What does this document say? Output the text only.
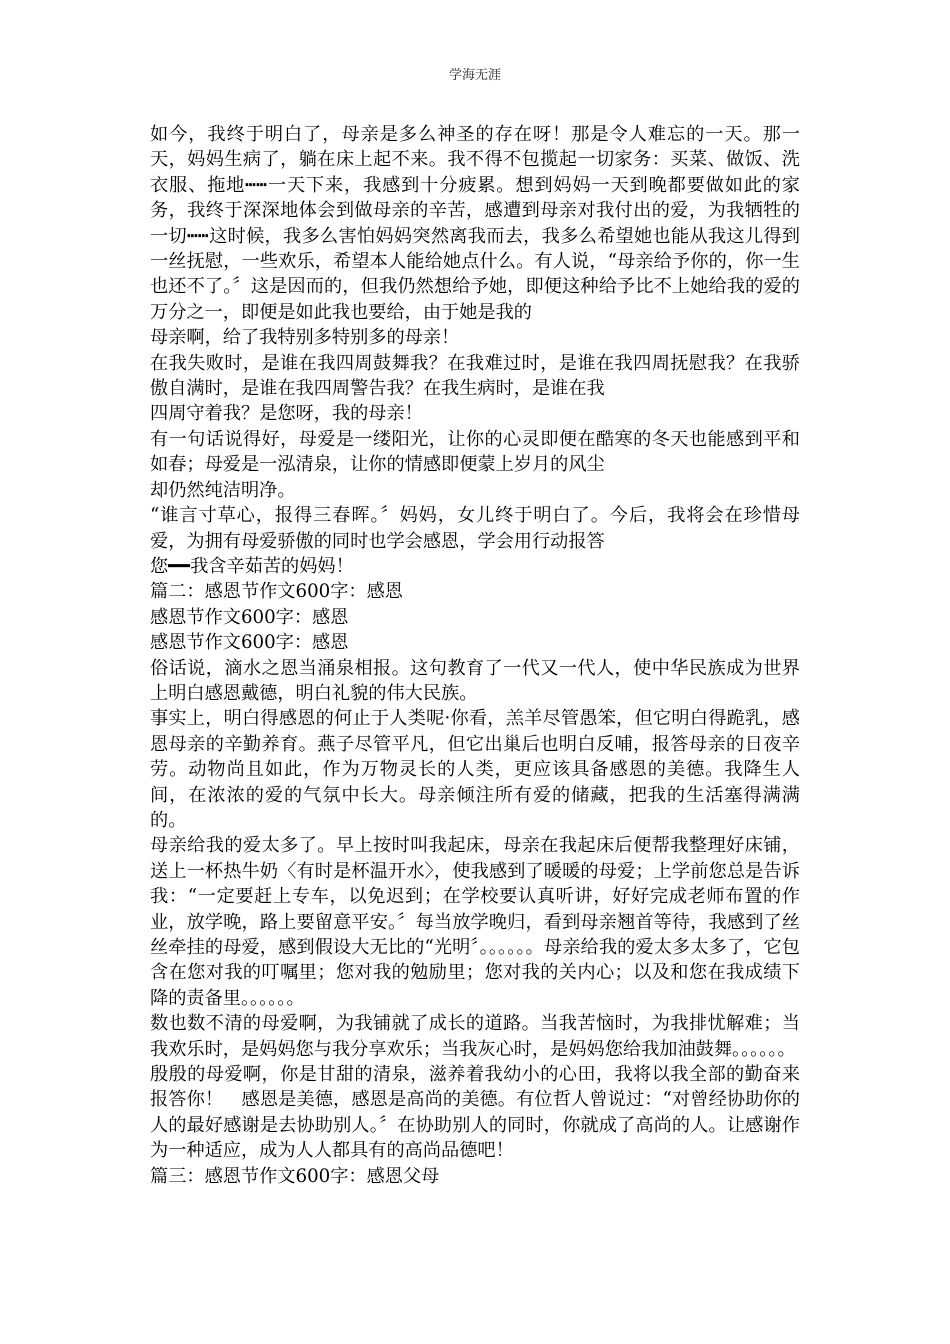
学海无涯

如今，我终于明白了，母亲是多么神圣的存在呀！那是令人难忘的一天。那一天，妈妈生病了，躺在床上起不来。我不得不包揽起一切家务：买菜、做饭、洗衣服、拖地┅┅一天下来，我感到十分疲累。想到妈妈一天到晚都要做如此的家务，我终于深深地体会到做母亲的辛苦，感遭到母亲对我付出的爱，为我牺牲的一切┅┅这时候，我多么害怕妈妈突然离我而去，我多么希望她也能从我这儿得到一丝抚慰，一些欢乐，希望本人能给她点什么。有人说，“母亲给予你的，你一生也还不了。〞这是因而的，但我仍然想给予她，即便这种给予比不上她给我的爱的万分之一，即便是如此我也要给，由于她是我的

母亲啊，给了我特别多特别多的母亲！

在我失败时，是谁在我四周鼓舞我？在我难过时，是谁在我四周抚慰我？在我骄傲自满时，是谁在我四周警告我？在我生病时，是谁在我

四周守着我？是您呀，我的母亲！

有一句话说得好，母爱是一缕阳光，让你的心灵即便在酷寒的冬天也能感到平和如春；母爱是一泓清泉，让你的情感即便蒙上岁月的风尘

却仍然纯洁明净。

“谁言寸草心，报得三春晖。〞妈妈，女儿终于明白了。今后，我将会在珍惜母爱，为拥有母爱骄傲的同时也学会感恩，学会用行动报答

您━━我含辛茹苦的妈妈！

篇二：感恩节作文600字：感恩

感恩节作文600字：感恩

感恩节作文600字：感恩

俗话说，滴水之恩当涌泉相报。这句教育了一代又一代人，使中华民族成为世界上明白感恩戴德，明白礼貌的伟大民族。

事实上，明白得感恩的何止于人类呢·你看，羔羊尽管愚笨，但它明白得跪乳，感恩母亲的辛勤养育。燕子尽管平凡，但它出巢后也明白反哺，报答母亲的日夜辛劳。动物尚且如此，作为万物灵长的人类，更应该具备感恩的美德。我降生人间，在浓浓的爱的气氛中长大。母亲倾注所有爱的储藏，把我的生活塞得满满的。

母亲给我的爱太多了。早上按时叫我起床，母亲在我起床后便帮我整理好床铺，送上一杯热牛奶〈有时是杯温开水〉，使我感到了暖暖的母爱；上学前您总是告诉我：“一定要赶上专车，以免迟到；在学校要认真听讲，好好完成老师布置的作业，放学晚，路上要留意平安。〞每当放学晚归，看到母亲翘首等待，我感到了丝丝牵挂的母爱，感到假设大无比的“光明〞。。。。。。母亲给我的爱太多太多了，它包含在您对我的叮嘱里；您对我的勉励里；您对我的关内心；以及和您在我成绩下降的责备里。。。。。。

数也数不清的母爱啊，为我铺就了成长的道路。当我苦恼时，为我排忧解难；当我欢乐时，是妈妈您与我分享欢乐；当我灰心时，是妈妈您给我加油鼓舞。。。。。。

殷殷的母爱啊，你是甘甜的清泉，滋养着我幼小的心田，我将以我全部的勤奋来报答你！　感恩是美德，感恩是高尚的美德。有位哲人曾说过：“对曾经协助你的人的最好感谢是去协助别人。〞在协助别人的同时，你就成了高尚的人。让感谢作为一种适应，成为人人都具有的高尚品德吧！

篇三：感恩节作文600字：感恩父母
